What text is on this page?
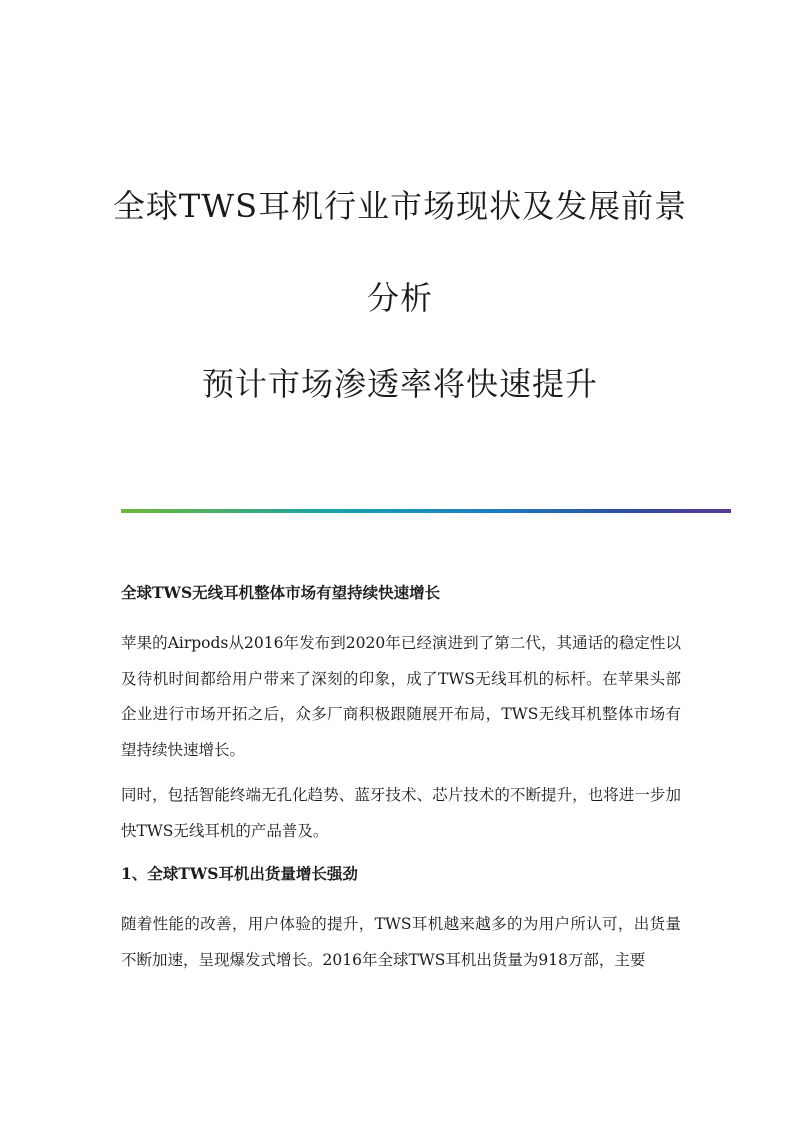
全球TWS耳机行业市场现状及发展前景
分析
预计市场渗透率将快速提升

全球TWS无线耳机整体市场有望持续快速增长

苹果的Airpods从2016年发布到2020年已经演进到了第二代，其通话的稳定性以及待机时间都给用户带来了深刻的印象，成了TWS无线耳机的标杆。在苹果头部企业进行市场开拓之后，众多厂商积极跟随展开布局，TWS无线耳机整体市场有望持续快速增长。

同时，包括智能终端无孔化趋势、蓝牙技术、芯片技术的不断提升，也将进一步加快TWS无线耳机的产品普及。

1、全球TWS耳机出货量增长强劲

随着性能的改善，用户体验的提升，TWS耳机越来越多的为用户所认可，出货量不断加速，呈现爆发式增长。2016年全球TWS耳机出货量为918万部，主要
